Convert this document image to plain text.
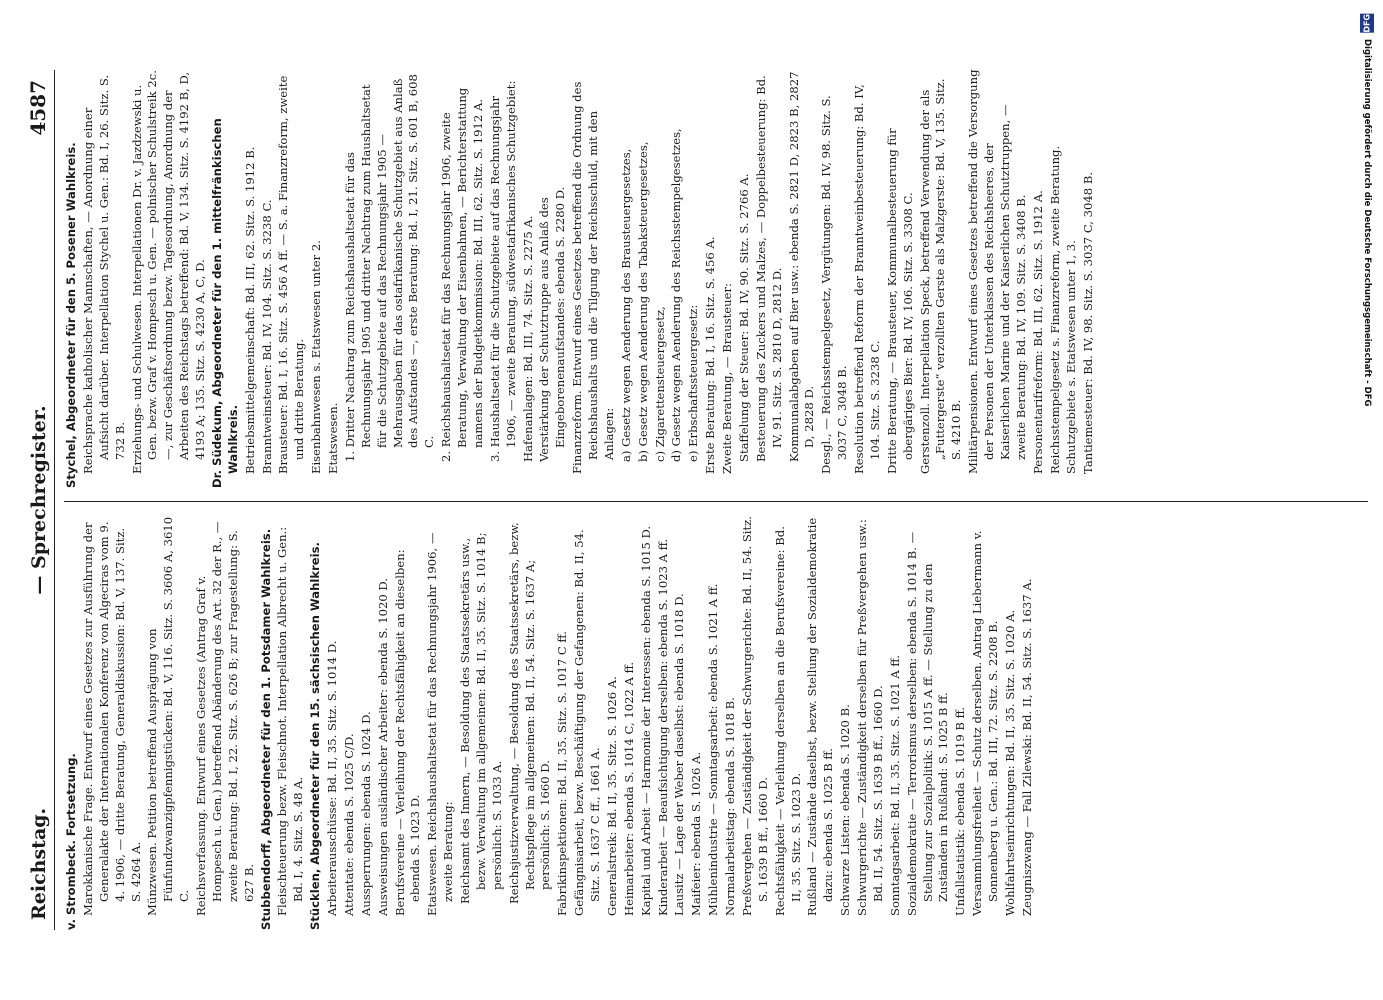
Reichstag.
— Sprechregister.
4587
v. Strombeck. Fortsetzung. Marokkanische Frage. Entwurf eines Gesetzes zur Ausführung der Generalakte der Internationalen Konferenz von Algeciras vom 9. 4. 1906, — dritte Beratung, Generaldiskussion: Bd. V, 137. Sitz. S. 4264 A. Münzwesen. Petition betreffend Ausprägung von Fünfundzwanzigpfennigstücken: Bd. V, 116. Sitz. S. 3606 A, 3610 C. Reichsverfassung. Entwurf eines Gesetzes (Antrag Graf v. Hompesch u. Gen.) betreffend Abänderung des Art. 32 der R., — zweite Beratung: Bd. I, 22. Sitz. S. 626 B; zur Fragestellung: S. 627 B. Stubbendorff, Abgeordneter für den 1. Potsdamer Wahlkreis. Fleischteuerung bezw. Fleischnot. Interpellation Albrecht u. Gen.: Bd. I, 4. Sitz. S. 48 A. Stücklen, Abgeordneter für den 15. sächsischen Wahlkreis. Arbeiterausschüsse: Bd. II, 35. Sitz. S. 1014 D. Attentate: ebenda S. 1025 C/D. Aussperrungen: ebenda S. 1024 D. Ausweisungen ausländischer Arbeiter: ebenda S. 1020 D. Berufsvereine — Verleihung der Rechtsfähigkeit an dieselben: ebenda S. 1023 D. Etatswesen. Reichshaushaltsetat für das Rechnungsjahr 1906, — zweite Beratung: Reichsamt des Innern, — Besoldung des Staatssekretärs usw., bezw. Verwaltung im allgemeinen: Bd. II, 35. Sitz. S. 1014 B; persönlich: S. 1033 A. Reichsjustizverwaltung, — Besoldung des Staatssekretärs, bezw. Rechtspflege im allgemeinen: Bd. II, 54. Sitz. S. 1637 A; persönlich: S. 1660 D. Fabrikinspektionen: Bd. II, 35. Sitz. S. 1017 C ff. Gefängnisarbeit, bezw. Beschäftigung der Gefangenen: Bd. II, 54. Sitz. S. 1637 C ff., 1661 A. Generalstreik: Bd. II, 35. Sitz. S. 1026 A. Heimarbeiter: ebenda S. 1014 C, 1022 A ff. Kapital und Arbeit — Harmonie der Interessen: ebenda S. 1015 D. Kinderarbeit — Beaufsichtigung derselben: ebenda S. 1023 A ff. Lausitz — Lage der Weber daselbst: ebenda S. 1018 D. Maifeier: ebenda S. 1026 A. Mühlenindustrie — Sonntagsarbeit: ebenda S. 1021 A ff. Normalarbeitstag: ebenda S. 1018 B. Preßvergehen — Zuständigkeit der Schwurgerichte: Bd. II, 54. Sitz. S. 1639 B ff., 1660 D. Rechtsfähigkeit — Verleihung derselben an die Berufsvereine: Bd. II, 35. Sitz. S. 1023 D. Rußland — Zustände daselbst, bezw. Stellung der Sozialdemokratie dazu: ebenda S. 1025 B ff. Schwarze Listen: ebenda S. 1020 B. Schwurgerichte — Zuständigkeit derselben für Preßvergehen usw.: Bd. II, 54. Sitz. S. 1639 B ff., 1660 D. Sonntagsarbeit: Bd. II, 35. Sitz. S. 1021 A ff. Sozialdemokratie — Terrorismus derselben: ebenda S. 1014 B. — Stellung zur Sozialpolitik: S. 1015 A ff. — Stellung zu den Zuständen in Rußland: S. 1025 B ff. Unfallstatistik: ebenda S. 1019 B ff. Versammlungsfreiheit — Schutz derselben. Antrag Liebermann v. Sonnenberg u. Gen.: Bd. III, 72. Sitz. S. 2208 B. Wohlfahrtseinrichtungen: Bd. II, 35. Sitz. S. 1020 A. Zeugniszwang — Fall Zilewski: Bd. II, 54. Sitz. S. 1637 A.
Stychel, Abgeordneter für den 5. Posener Wahlkreis. Reichsprache katholischer Mannschaften, — Anordnung einer Aufsicht darüber. Interpellation Stychel u. Gen.: Bd. I, 26. Sitz. S. 732 B. Erziehungs- und Schulwesen. Interpellationen Dr. v. Jazdzewski u. Gen. bezw. Graf v. Hompesch u. Gen. — polnischer Schulstreik 2c. —, zur Geschäftsordnung bezw. Tagesordnung, Anordnung der Arbeiten des Reichstags betreffend: Bd. V, 134. Sitz. S. 4192 B, D, 4193 A; 135. Sitz. S. 4230 A, C, D. Dr. Südekum, Abgeordneter für den 1. mittelfränkischen Wahlkreis. Betriebsmittelgemeinschaft: Bd. III, 62. Sitz. S. 1912 B. Branntweinsteuer: Bd. IV, 104. Sitz. S. 3238 C. Brausteuer: Bd. I, 16. Sitz. S. 456 A ff. — S. a. Finanzreform, zweite und dritte Beratung. Eisenbahnwesen s. Etatswesen unter 2. Etatswesen. 1. Dritter Nachtrag zum Reichshaushaltsetat für das Rechnungsjahr 1905 und dritter Nachtrag zum Haushaltsetat für die Schutzgebiete auf das Rechnungsjahr 1905 — Mehrausgaben für das ostafrikanische Schutzgebiet aus Anlaß des Aufstandes —, erste Beratung: Bd. I, 21. Sitz. S. 601 B, 608 C. 2. Reichshaushaltsetat für das Rechnungsjahr 1906, zweite Beratung, Verwaltung der Eisenbahnen, — Berichterstattung namens der Budgetkommission: Bd. III, 62. Sitz. S. 1912 A. 3. Haushaltsetat für die Schutzgebiete auf das Rechnungsjahr 1906, — zweite Beratung, südwestafrikanisches Schutzgebiet: Hafenanlagen: Bd. III, 74. Sitz. S. 2275 A. Verstärkung der Schutztruppe aus Anlaß des Eingeborenenaufstandes: ebenda S. 2280 D. Finanzreform. Entwurf eines Gesetzes betreffend die Ordnung des Reichshaushalts und die Tilgung der Reichsschuld, mit den Anlagen: a) Gesetz wegen Aenderung des Brausteuergesetzes, b) Gesetz wegen Aenderung des Tabaksteuergesetzes, c) Zigarettensteuergesetz, d) Gesetz wegen Aenderung des Reichsstempelgesetzes, e) Erbschaftssteuergesetz: Erste Beratung: Bd. I, 16. Sitz. S. 456 A. Zweite Beratung, — Brausteuer: Staffelung der Steuer: Bd. IV, 90. Sitz. S. 2766 A. Besteuerung des Zuckers und Malzes, — Doppelbesteuerung: Bd. IV, 91. Sitz. S. 2810 D, 2812 D. Kommunalabgaben auf Bier usw.: ebenda S. 2821 D, 2823 B, 2827 D, 2828 D. Desgl., — Reichsstempelgesetz, Vergütungen: Bd. IV, 98. Sitz. S. 3037 C, 3048 B. Resolution betreffend Reform der Branntweinbesteuerung: Bd. IV, 104. Sitz. S. 3238 C. Dritte Beratung, — Brausteuer, Kommunalbesteuerung für obergäriges Bier: Bd. IV, 106. Sitz. S. 3308 C. Gerstenzoll. Interpellation Speck, betreffend Verwendung der als „Futtergerste“ verzollten Gerste als Malzgerste: Bd. V, 135. Sitz. S. 4210 B. Militärpensionen. Entwurf eines Gesetzes betreffend die Versorgung der Personen der Unterklassen des Reichsheeres, der Kaiserlichen Marine und der Kaiserlichen Schutztruppen, — zweite Beratung: Bd. IV, 109. Sitz. S. 3408 B. Personentarifreform: Bd. III, 62. Sitz. S. 1912 A. Reichsstempelgesetz s. Finanzreform, zweite Beratung. Schutzgebiete s. Etatswesen unter 1, 3. Tantiemesteuer: Bd. IV, 98. Sitz. S. 3037 C, 3048 B.
DFG
Digitalisierung gefördert durch die Deutsche Forschungsgemeinschaft - DFG
